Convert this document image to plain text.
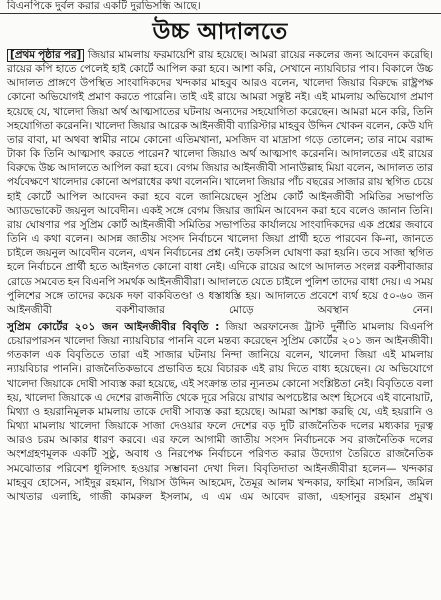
বিএনপিকে দুর্বল করার একটি দুরভিসন্ধি আছে।
উচ্চ আদালতে

[প্রথম পৃষ্ঠার পর] জিয়ার মামলায় ফরমায়েশি রায় হয়েছে। আমরা রায়ের নকলের জন্য আবেদন করেছি। রায়ের কপি হাতে পেলেই হাই কোর্টে আপিল করা হবে। আশা করি, সেখানে ন্যায়বিচার পাব। বিকালে উচ্চ আদালত প্রাঙ্গণে উপস্থিত সাংবাদিকদের খন্দকার মাহবুব আরও বলেন, খালেদা জিয়ার বিরুদ্ধে রাষ্ট্রপক্ষ কোনো অভিযোগই প্রমাণ করতে পারেনি। তাই এই রায়ে আমরা সন্তুষ্ট নই। এই মামলায় অভিযোগ প্রমাণ হয়েছে যে, খালেদা জিয়া অর্থ আত্মসাতের ঘটনায় অন্যদের সহযোগিতা করেছেন। আমরা মনে করি, তিনি সহযোগিতা করেননি। খালেদা জিয়ার আরেক আইনজীবী ব্যারিস্টার মাহবুব উদ্দিন খোকন বলেন, কেউ যদি তার বাবা, মা অথবা স্বামীর নামে কোনো এতিমখানা, মসজিদ বা মাদ্রাসা গড়ে তোলেন; তার নামে বরাদ্দ টাকা কি তিনি আত্মসাৎ করতে পারেন? খালেদা জিয়াও অর্থ আত্মসাৎ করেননি। আদালতের এই রায়ের বিরুদ্ধে উচ্চ আদালতে আপিল করা হবে। বেগম জিয়ার আইনজীবী সানাউল্লাহ মিয়া বলেন, আদালত তার পর্যবেক্ষণে খালেদার কোনো অপরাধের কথা বলেননি। খালেদা জিয়ার পাঁচ বছরের সাজার রায় স্থগিত চেয়ে হাই কোর্টে আপিল আবেদন করা হবে বলে জানিয়েছেন সুপ্রিম কোর্ট আইনজীবী সমিতির সভাপতি অ্যাডভোকেট জয়নুল আবেদীন। একই সঙ্গে বেগম জিয়ার জামিন আবেদন করা হবে বলেও জানান তিনি। রায় ঘোষণার পর সুপ্রিম কোর্ট আইনজীবী সমিতির সভাপতির কার্যালয়ে সাংবাদিকদের এক প্রশ্নের জবাবে তিনি এ কথা বলেন। আসন্ন জাতীয় সংসদ নির্বাচনে খালেদা জিয়া প্রার্থী হতে পারবেন কি-না, জানতে চাইলে জয়নুল আবেদীন বলেন, এখন নির্বাচনের প্রশ্ন নেই। তফসিল ঘোষণা করা হয়নি। তবে সাজা স্থগিত হলে নির্বাচনে প্রার্থী হতে আইনগত কোনো বাধা নেই। এদিকে রায়ের আগে আদালত সংলগ্ন বকশীবাজার রোডে সমবেত হন বিএনপি সমর্থক আইনজীবীরা। আদালতে যেতে চাইলে পুলিশ তাদের বাধা দেয়। এ সময় পুলিশের সঙ্গে তাদের কয়েক দফা বাকবিতণ্ডা ও ধস্তাধস্তি হয়। আদালতে প্রবেশে ব্যর্থ হয়ে ৫০-৬০ জন আইনজীবী বকশীবাজার মোড়ে অবস্থান নেন।

সুপ্রিম কোর্টের ২০১ জন আইনজীবীর বিবৃতি : জিয়া অরফানেজ ট্রাস্ট দুর্নীতি মামলায় বিএনপি চেয়ারপারসন খালেদা জিয়া ন্যায়বিচার পাননি বলে মন্তব্য করেছেন সুপ্রিম কোর্টের ২০১ জন আইনজীবী। গতকাল এক বিবৃতিতে তারা এই সাজার ঘটনায় নিন্দা জানিয়ে বলেন, খালেদা জিয়া এই মামলায় ন্যায়বিচার পাননি। রাজনৈতিকভাবে প্রভাবিত হয়ে বিচারক এই রায় দিতে বাধ্য হয়েছেন। যে অভিযোগে খালেদা জিয়াকে দোষী সাব্যস্ত করা হয়েছে, এই সংক্রান্ত তার ন্যূনতম কোনো সংশ্লিষ্টতা নেই। বিবৃতিতে বলা হয়, খালেদা জিয়াকে এ দেশের রাজনীতি থেকে দূরে সরিয়ে রাখার অপচেষ্টার অংশ হিসেবে এই বানোয়াট, মিথ্যা ও হয়রানিমূলক মামলায় তাকে দোষী সাব্যস্ত করা হয়েছে। আমরা আশঙ্কা করছি যে, এই হয়রানি ও মিথ্যা মামলায় খালেদা জিয়াকে সাজা দেওয়ার ফলে দেশের বড় দুটি রাজনৈতিক দলের মধ্যকার দূরত্ব আরও চরম আকার ধারণ করবে। এর ফলে আগামী জাতীয় সংসদ নির্বাচনকে সব রাজনৈতিক দলের অংশগ্রহণমূলক একটি সুষ্ঠু, অবাধ ও নিরপেক্ষ নির্বাচনে পরিণত করার উদ্যোগ তৈরিতে রাজনৈতিক সমঝোতার পরিবেশ ধূলিসাৎ হওয়ার সম্ভাবনা দেখা দিল। বিবৃতিদাতা আইনজীবীরা হলেন— খন্দকার মাহবুব হোসেন, সাইদুর রহমান, গিয়াস উদ্দিন আহমেদ, তৈমূর আলম খন্দকার, ফাহিমা নাসরিন, জমিল আখতার এলাহি, গাজী কামরুল ইসলাম, এ এম এম আবেদ রাজা, এহসানুর রহমান প্রমুখ।
